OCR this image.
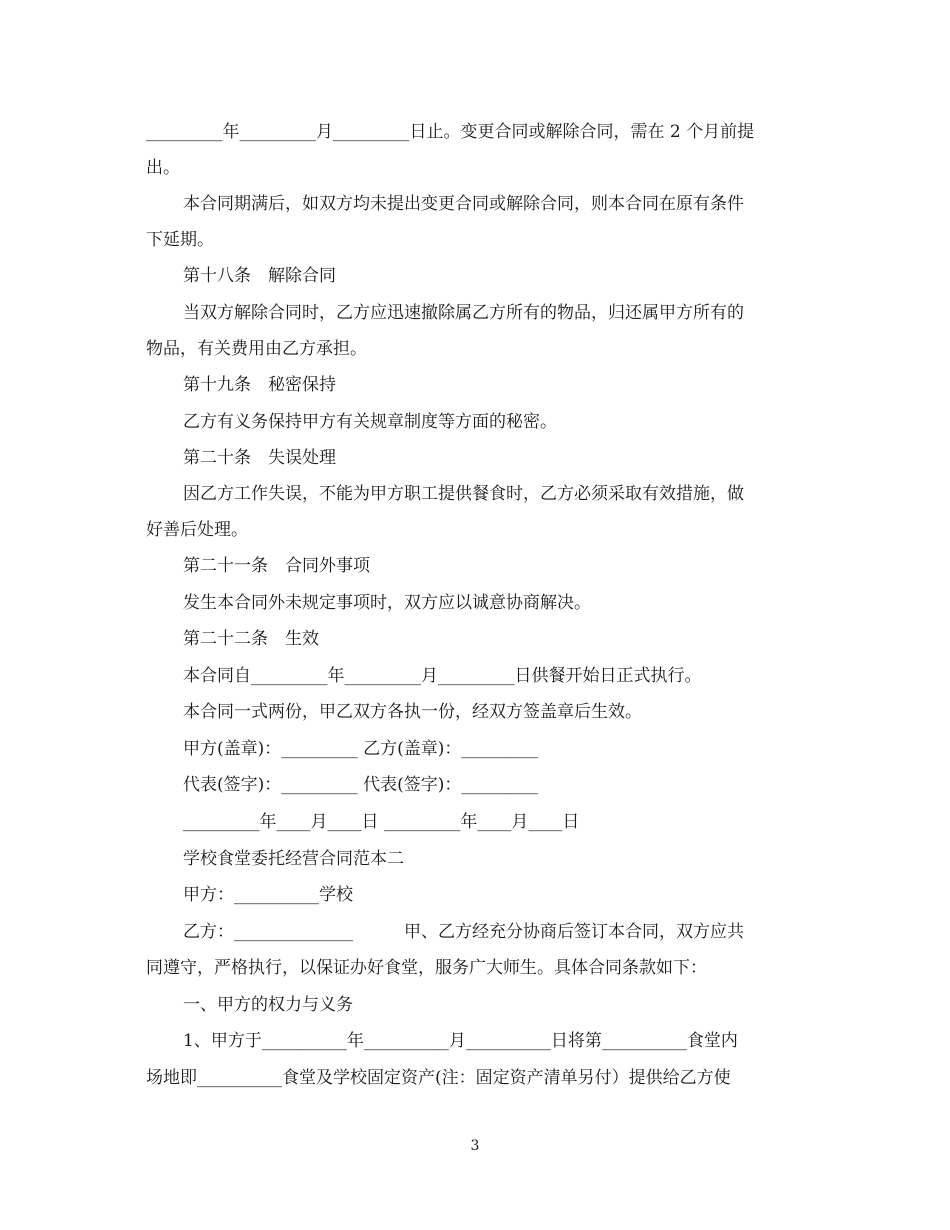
_________年_________月_________日止。变更合同或解除合同，需在 2 个月前提
出。
本合同期满后，如双方均未提出变更合同或解除合同，则本合同在原有条件
下延期。
第十八条　解除合同
当双方解除合同时，乙方应迅速撤除属乙方所有的物品，归还属甲方所有的
物品，有关费用由乙方承担。
第十九条　秘密保持
乙方有义务保持甲方有关规章制度等方面的秘密。
第二十条　失误处理
因乙方工作失误，不能为甲方职工提供餐食时，乙方必须采取有效措施，做
好善后处理。
第二十一条　合同外事项
发生本合同外未规定事项时，双方应以诚意协商解决。
第二十二条　生效
本合同自_________年_________月_________日供餐开始日正式执行。
本合同一式两份，甲乙双方各执一份，经双方签盖章后生效。
甲方(盖章)：_________ 乙方(盖章)：_________
代表(签字)：_________ 代表(签字)：_________
_________年____月____日 _________年____月____日
学校食堂委托经营合同范本二
甲方：__________学校
乙方：______________　　　甲、乙方经充分协商后签订本合同，双方应共
同遵守，严格执行，以保证办好食堂，服务广大师生。具体合同条款如下：
一、甲方的权力与义务
1、甲方于__________年__________月__________日将第__________食堂内
场地即__________食堂及学校固定资产(注：固定资产清单另付）提供给乙方使
3
